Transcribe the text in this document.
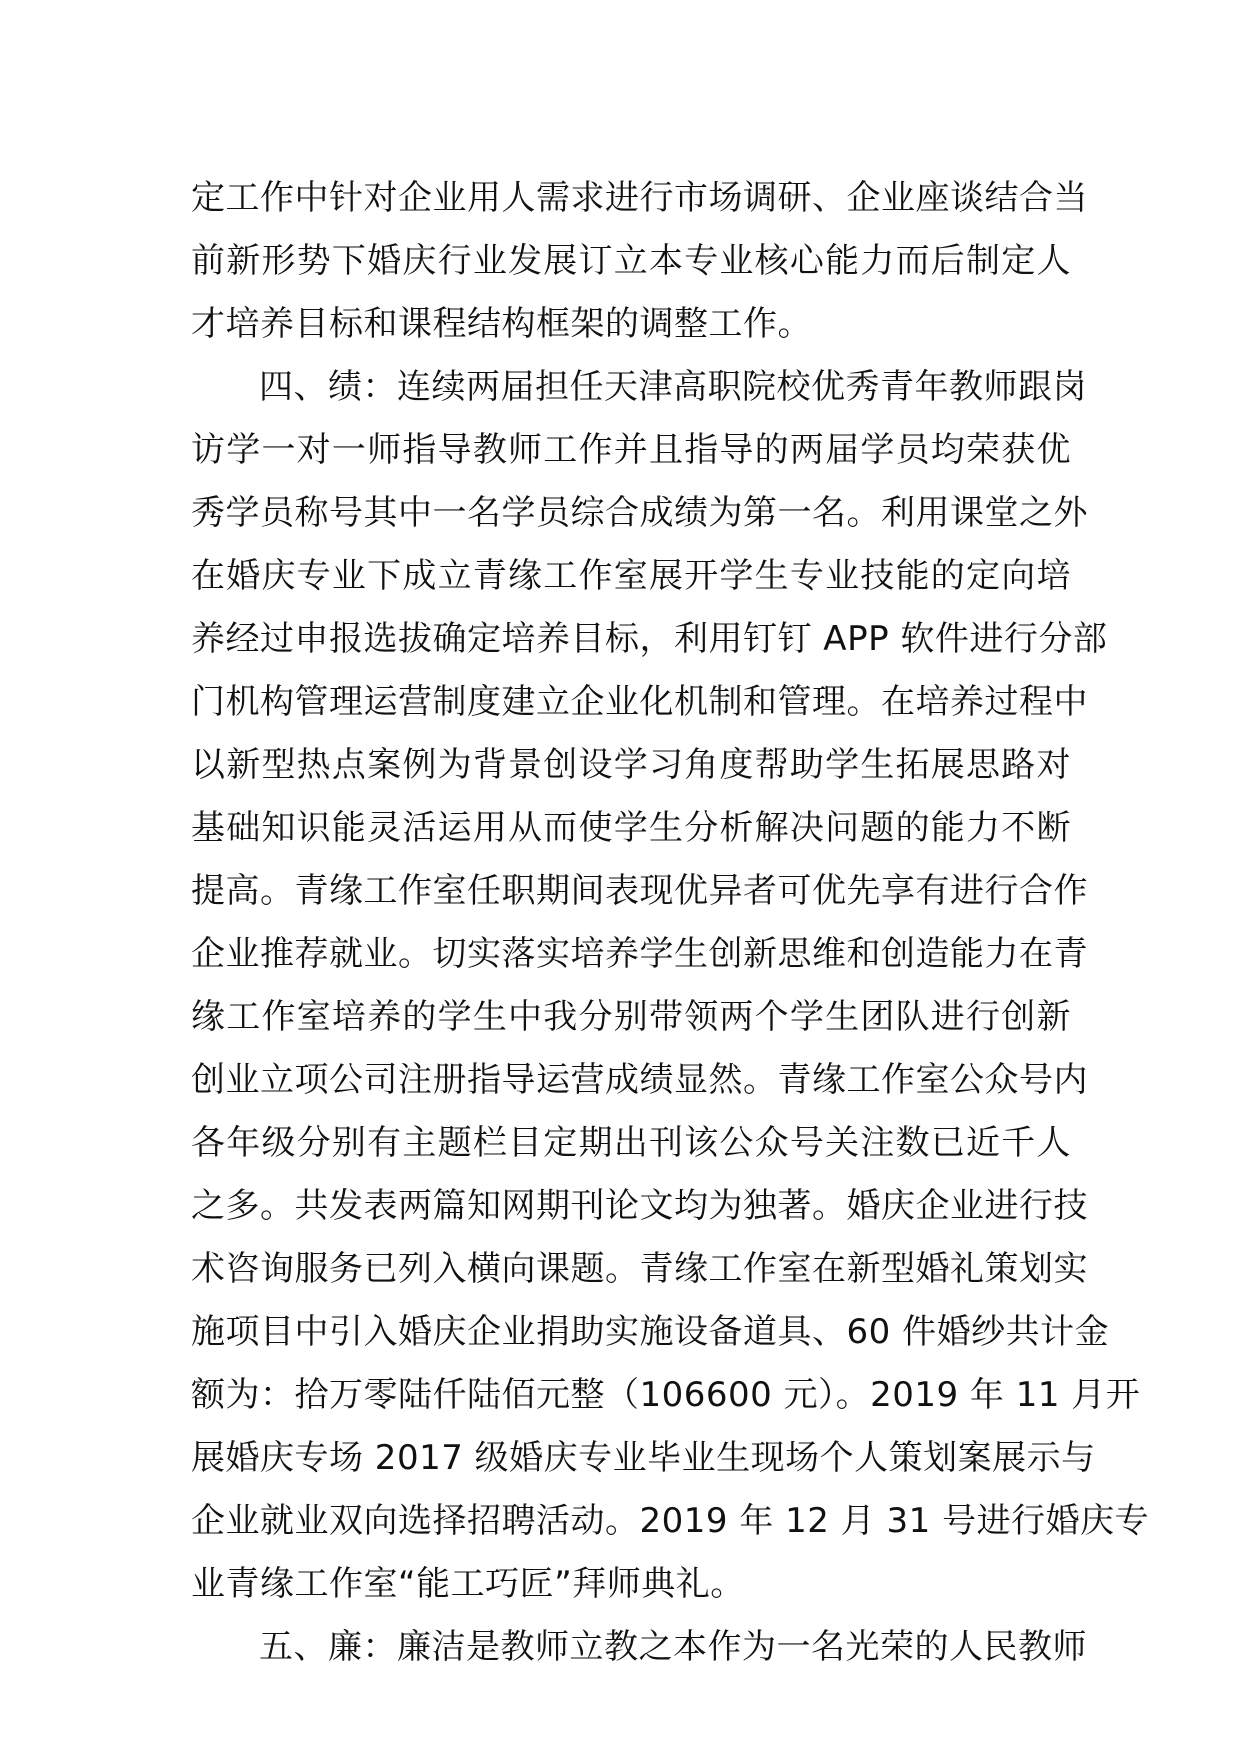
定工作中针对企业用人需求进行市场调研、企业座谈结合当
前新形势下婚庆行业发展订立本专业核心能力而后制定人
才培养目标和课程结构框架的调整工作。
四、绩：连续两届担任天津高职院校优秀青年教师跟岗
访学一对一师指导教师工作并且指导的两届学员均荣获优
秀学员称号其中一名学员综合成绩为第一名。利用课堂之外
在婚庆专业下成立青缘工作室展开学生专业技能的定向培
养经过申报选拔确定培养目标，利用钉钉 APP 软件进行分部
门机构管理运营制度建立企业化机制和管理。在培养过程中
以新型热点案例为背景创设学习角度帮助学生拓展思路对
基础知识能灵活运用从而使学生分析解决问题的能力不断
提高。青缘工作室任职期间表现优异者可优先享有进行合作
企业推荐就业。切实落实培养学生创新思维和创造能力在青
缘工作室培养的学生中我分别带领两个学生团队进行创新
创业立项公司注册指导运营成绩显然。青缘工作室公众号内
各年级分别有主题栏目定期出刊该公众号关注数已近千人
之多。共发表两篇知网期刊论文均为独著。婚庆企业进行技
术咨询服务已列入横向课题。青缘工作室在新型婚礼策划实
施项目中引入婚庆企业捐助实施设备道具、60 件婚纱共计金
额为：拾万零陆仟陆佰元整（106600 元）。2019 年 11 月开
展婚庆专场 2017 级婚庆专业毕业生现场个人策划案展示与
企业就业双向选择招聘活动。2019 年 12 月 31 号进行婚庆专
业青缘工作室“能工巧匠”拜师典礼。
五、廉：廉洁是教师立教之本作为一名光荣的人民教师
